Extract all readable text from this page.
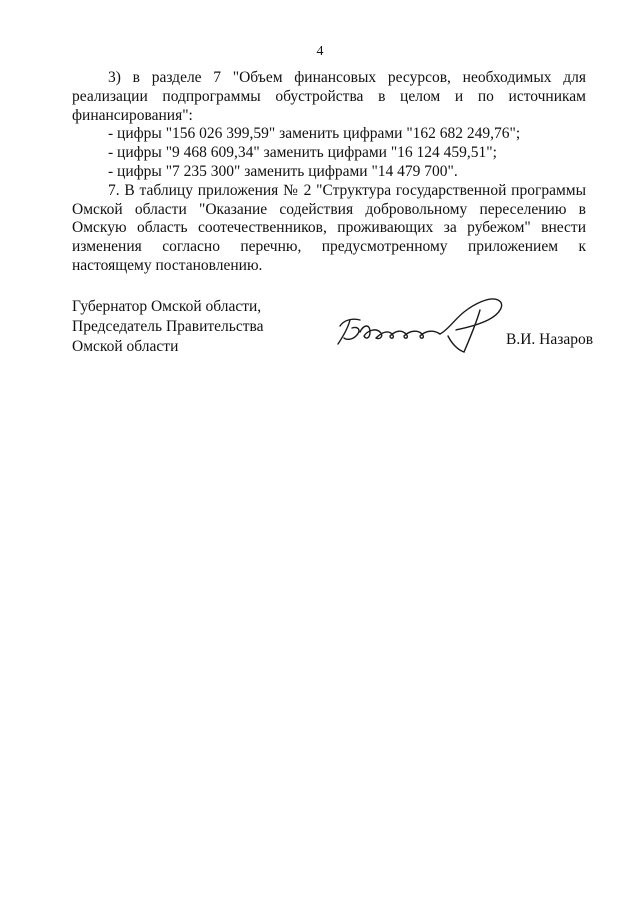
4

3) в разделе 7 "Объем финансовых ресурсов, необходимых для реализации подпрограммы обустройства в целом и по источникам финансирования":

- цифры "156 026 399,59" заменить цифрами "162 682 249,76";

- цифры "9 468 609,34" заменить цифрами "16 124 459,51";

- цифры "7 235 300" заменить цифрами "14 479 700".

7. В таблицу приложения № 2 "Структура государственной программы Омской области "Оказание содействия добровольному переселению в Омскую область соотечественников, проживающих за рубежом" внести изменения согласно перечню, предусмотренному приложением к настоящему постановлению.

Губернатор Омской области,
Председатель Правительства
Омской области	В.И. Назаров
